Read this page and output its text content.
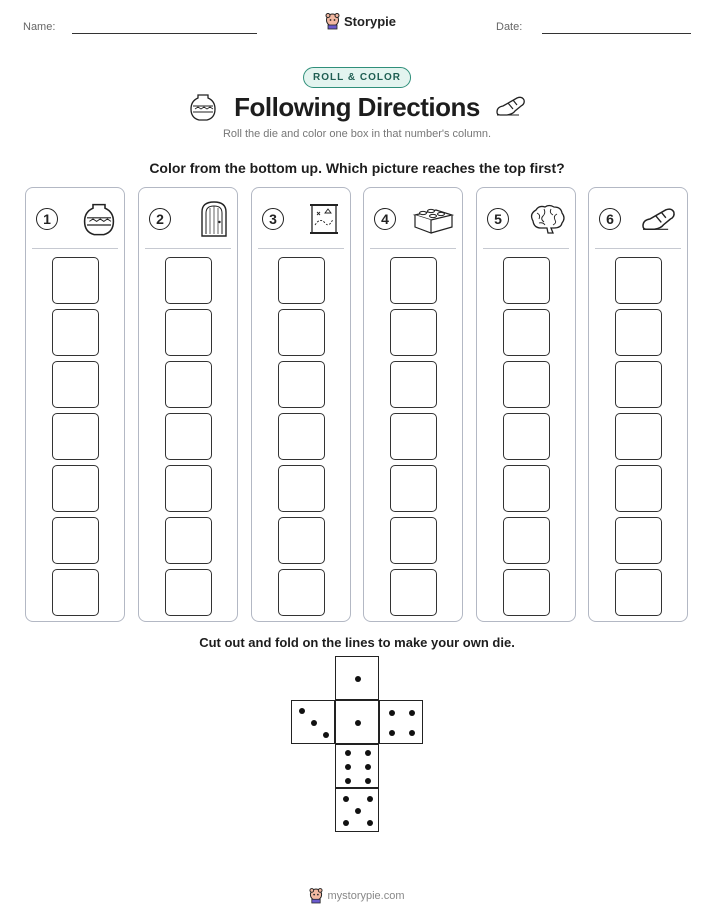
Name:	Storypie	Date:
ROLL & COLOR
Following Directions
Roll the die and color one box in that number's column.
Color from the bottom up. Which picture reaches the top first?
1	2	3	4	5	6
Cut out and fold on the lines to make your own die.
mystorypie.com
